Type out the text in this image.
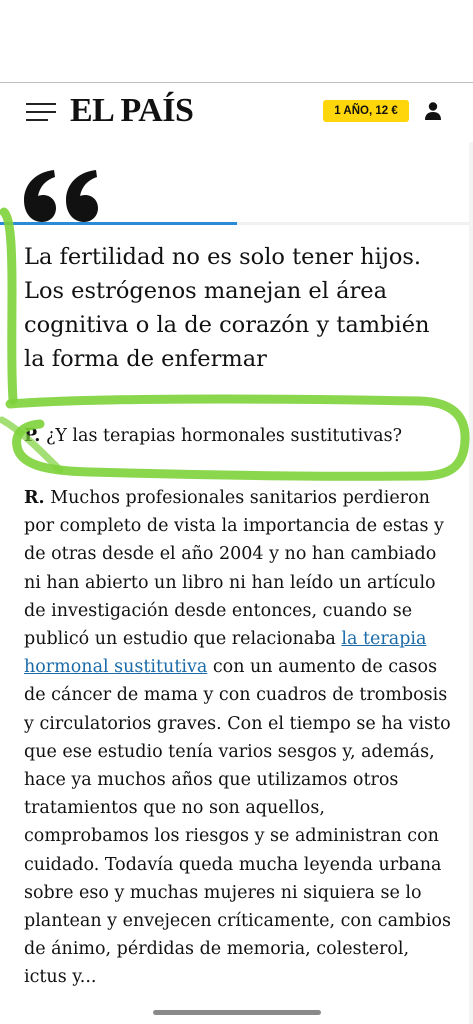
EL PAÍS	1 AÑO, 12 €

La fertilidad no es solo tener hijos. Los estrógenos manejan el área cognitiva o la de corazón y también la forma de enfermar

P. ¿Y las terapias hormonales sustitutivas?

R. Muchos profesionales sanitarios perdieron por completo de vista la importancia de estas y de otras desde el año 2004 y no han cambiado ni han abierto un libro ni han leído un artículo de investigación desde entonces, cuando se publicó un estudio que relacionaba la terapia hormonal sustitutiva con un aumento de casos de cáncer de mama y con cuadros de trombosis y circulatorios graves. Con el tiempo se ha visto que ese estudio tenía varios sesgos y, además, hace ya muchos años que utilizamos otros tratamientos que no son aquellos, comprobamos los riesgos y se administran con cuidado. Todavía queda mucha leyenda urbana sobre eso y muchas mujeres ni siquiera se lo plantean y envejecen críticamente, con cambios de ánimo, pérdidas de memoria, colesterol, ictus y...
